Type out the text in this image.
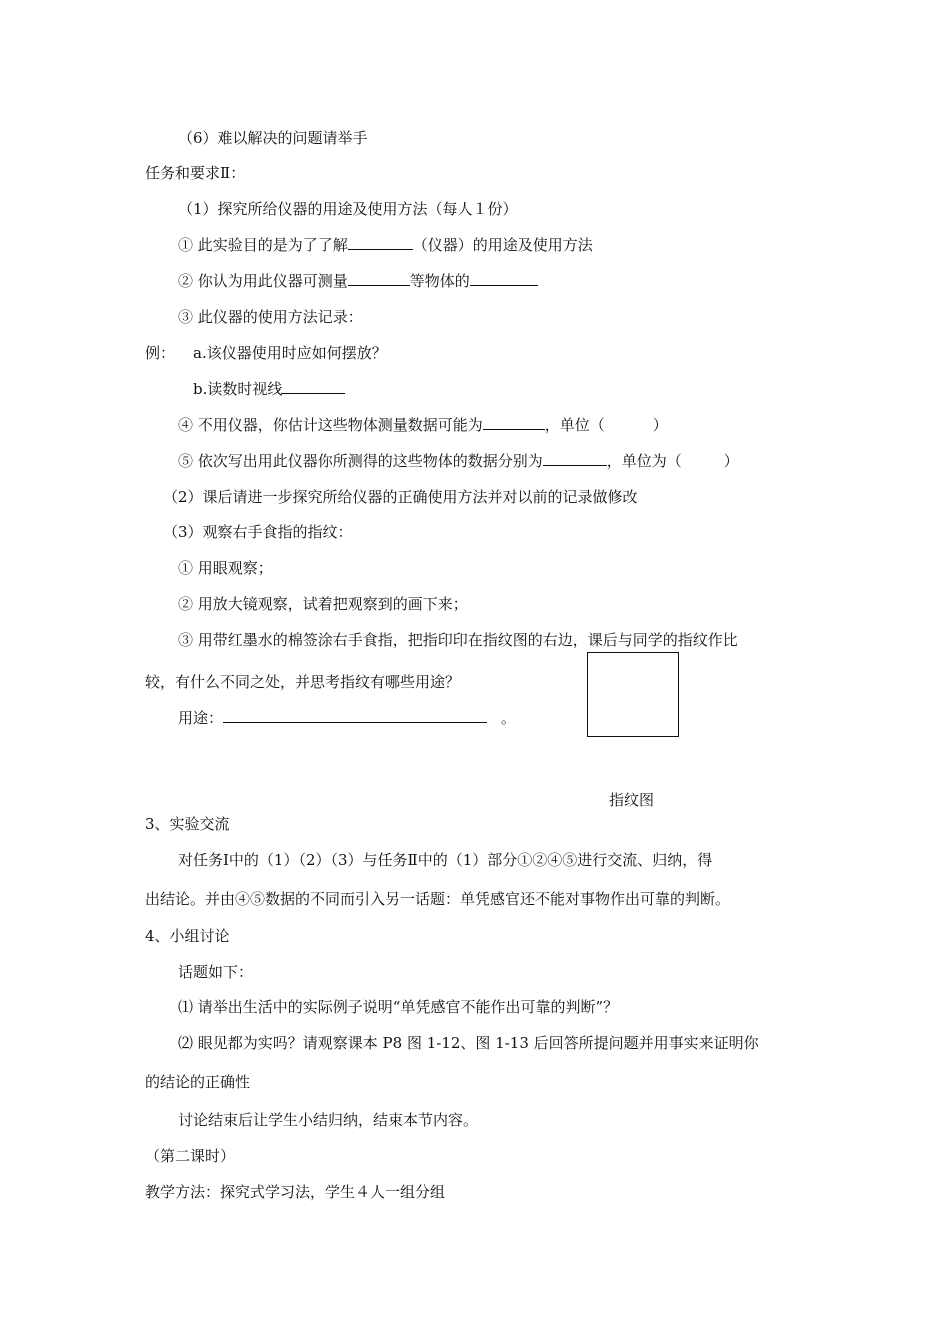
（6）难以解决的问题请举手
任务和要求Ⅱ：
（1）探究所给仪器的用途及使用方法（每人１份）
① 此实验目的是为了了解	（仪器）的用途及使用方法
② 你认为用此仪器可测量	等物体的
③ 此仪器的使用方法记录：
例： a.该仪器使用时应如何摆放？
b.读数时视线
④ 不用仪器，你估计这些物体测量数据可能为	，单位（	）
⑤ 依次写出用此仪器你所测得的这些物体的数据分别为	，单位为（	）
（2）课后请进一步探究所给仪器的正确使用方法并对以前的记录做修改
（3）观察右手食指的指纹：
① 用眼观察；
② 用放大镜观察，试着把观察到的画下来；
③ 用带红墨水的棉签涂右手食指，把指印印在指纹图的右边，课后与同学的指纹作比
较，有什么不同之处，并思考指纹有哪些用途？
用途：	。
指纹图
3、实验交流
对任务Ⅰ中的（1）（2）（3）与任务Ⅱ中的（1）部分①②④⑤进行交流、归纳，得
出结论。并由④⑤数据的不同而引入另一话题：单凭感官还不能对事物作出可靠的判断。
4、小组讨论
话题如下：
⑴ 请举出生活中的实际例子说明“单凭感官不能作出可靠的判断”？
⑵ 眼见都为实吗？请观察课本 P8 图 1-12、图 1-13 后回答所提问题并用事实来证明你
的结论的正确性
讨论结束后让学生小结归纳，结束本节内容。
（第二课时）
教学方法：探究式学习法，学生４人一组分组
